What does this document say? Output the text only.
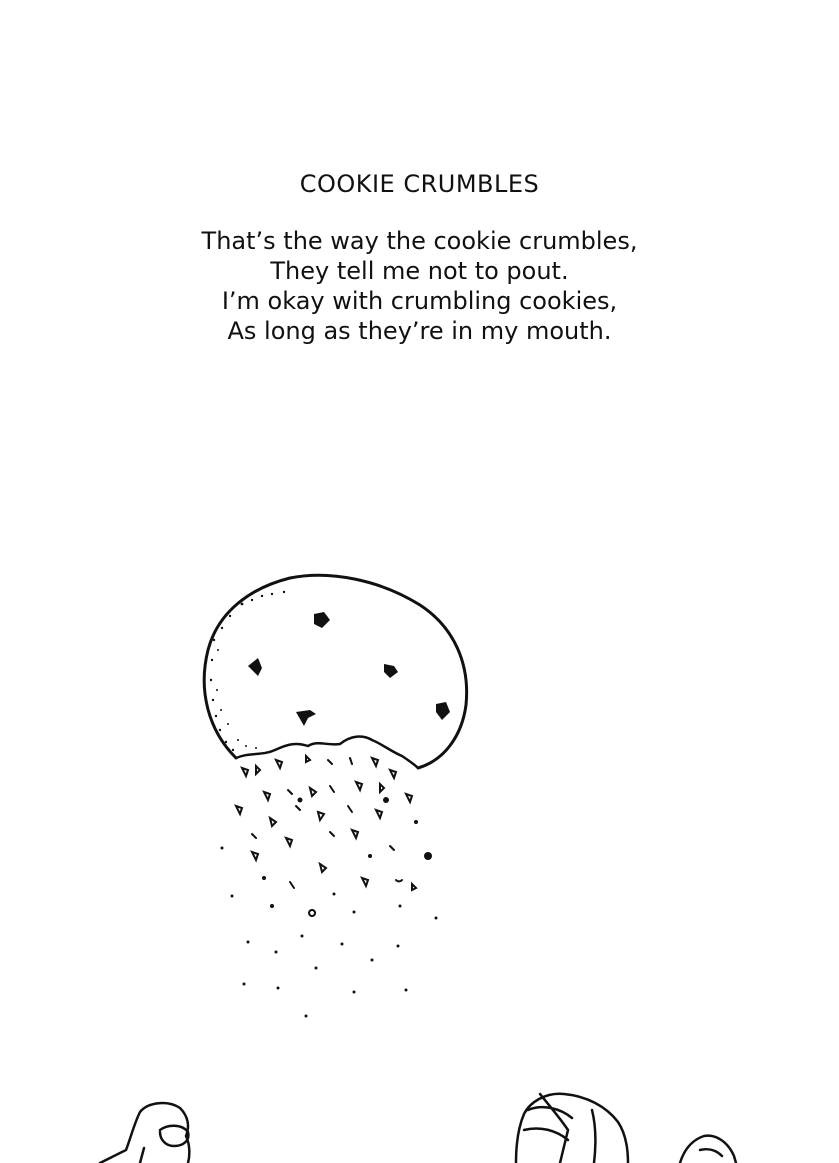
COOKIE CRUMBLES

That’s the way the cookie crumbles,

They tell me not to pout.

I’m okay with crumbling cookies,

As long as they’re in my mouth.
